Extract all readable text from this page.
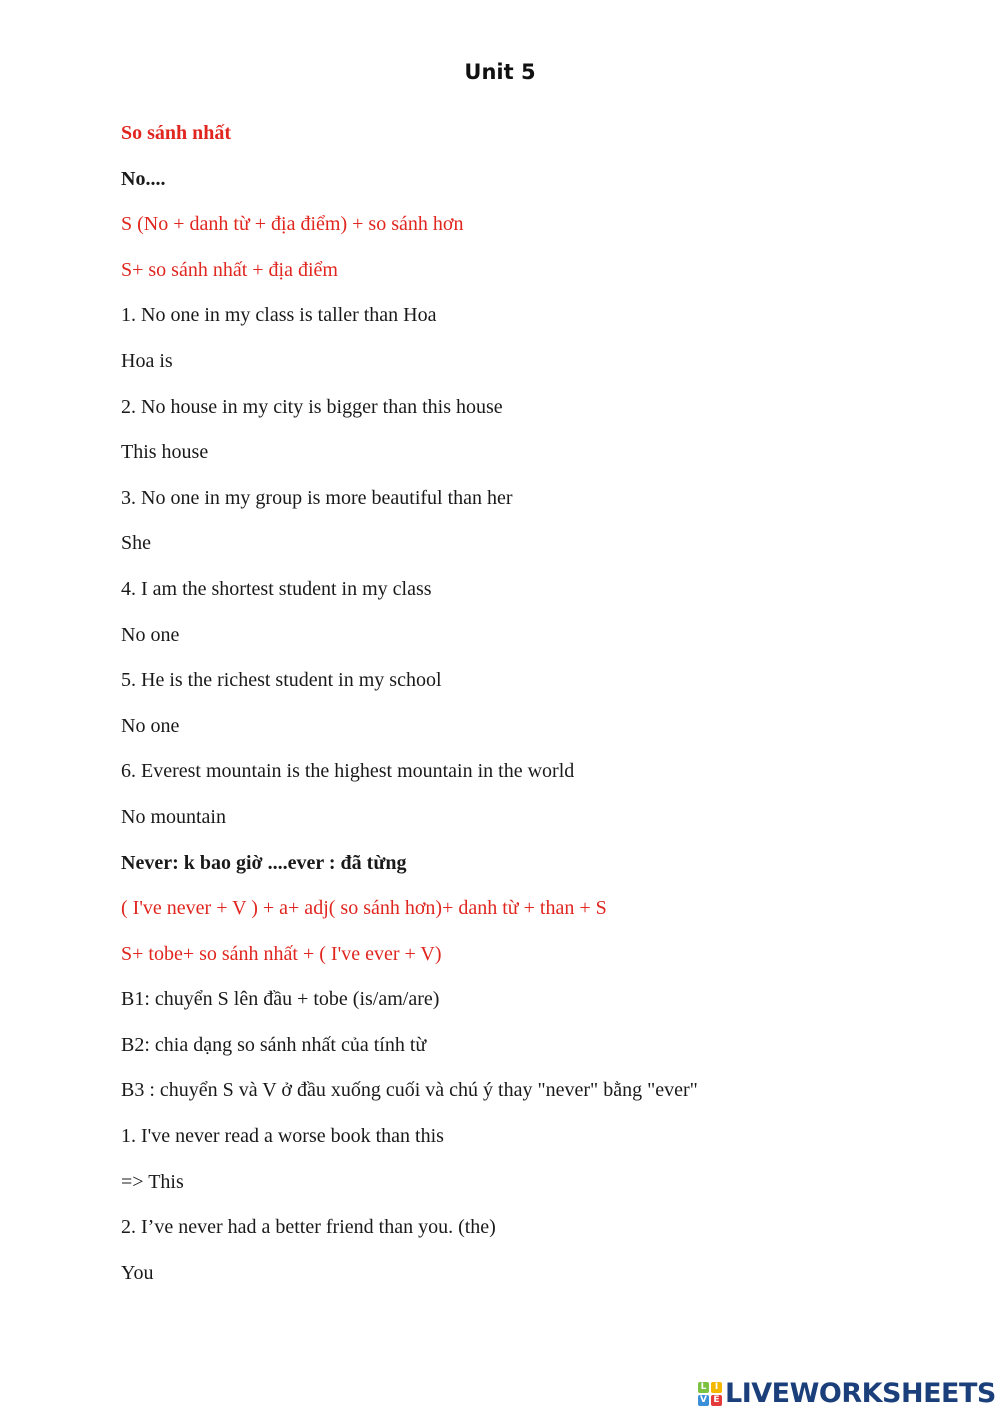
Unit 5
So sánh nhất
No....
S (No + danh từ + địa điểm) + so sánh hơn
S+ so sánh nhất + địa điểm
1. No one in my class is taller than Hoa
Hoa is
2. No house in my city is bigger than this house
This house
3. No one in my group is more beautiful than her
She
4. I am the shortest student in my class
No one
5. He is the richest student in my school
No one
6. Everest mountain is the highest mountain in the world
No mountain
Never: k bao giờ ....ever : đã từng
( I've never + V ) + a+ adj( so sánh hơn)+ danh từ + than + S
S+ tobe+ so sánh nhất + ( I've ever + V)
B1: chuyển S lên đầu + tobe (is/am/are)
B2: chia dạng so sánh nhất của tính từ
B3 : chuyển S và V ở đầu xuống cuối và chú ý thay "never" bằng "ever"
1. I've never read a worse book than this
=> This
2. I’ve never had a better friend than you. (the)
You
L I
V E LIVEWORKSHEETS
